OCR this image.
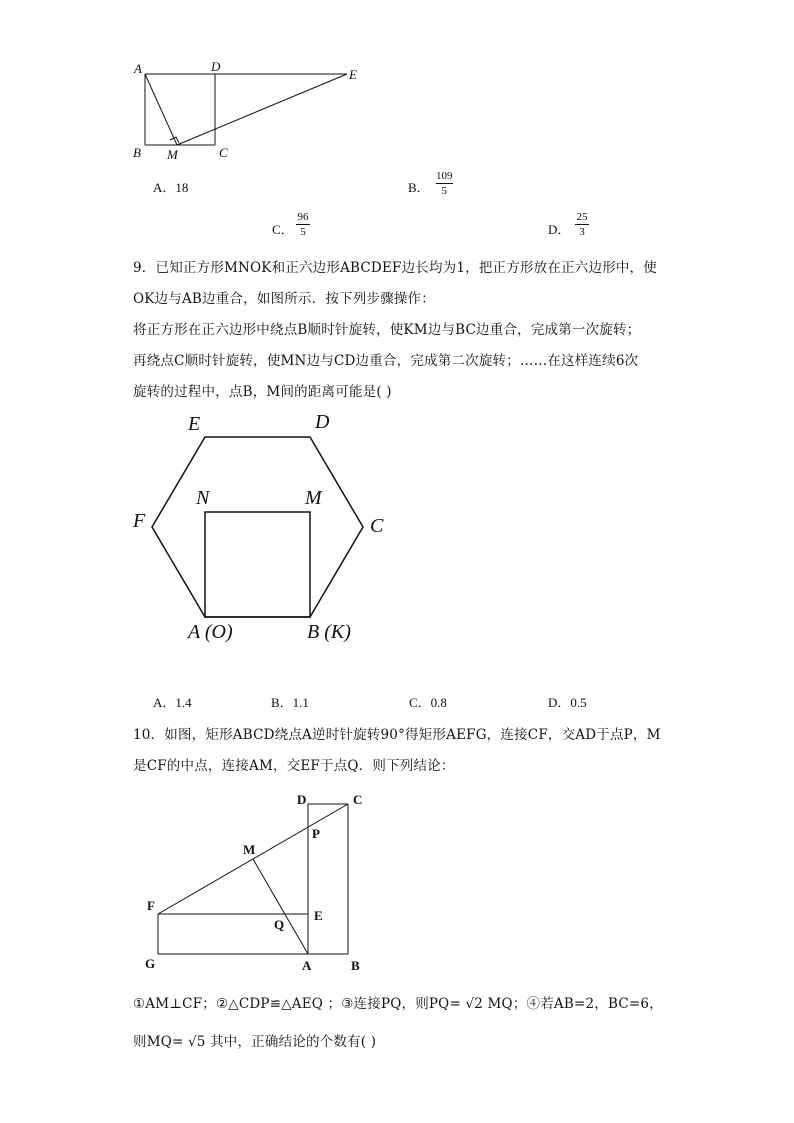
A	D
E
B M	C
A．18	B．
109
5
C．
96
5	D．
25
3
9．已知正方形MNOK和正六边形ABCDEF边长均为1，把正方形放在正六边形中，使
OK边与AB边重合，如图所示．按下列步骤操作：
将正方形在正六边形中绕点B顺时针旋转，使KM边与BC边重合，完成第一次旋转；
再绕点C顺时针旋转，使MN边与CD边重合，完成第二次旋转；……在这样连续6次
旋转的过程中，点B，M间的距离可能是( )
E	D
F	C
N	M
A (O)	B (K)
A．1.4	B．1.1	C．0.8	D．0.5
10．如图，矩形ABCD绕点A逆时针旋转90°得矩形AEFG，连接CF，交AD于点P，M
是CF的中点，连接AM，交EF于点Q．则下列结论：
D	C
P
M
F
E
Q
G	A	B
①AM⊥CF；②△CDP≌△AEQ ；③连接PQ，则PQ= √2 MQ；④若AB=2，BC=6，
则MQ= √5 其中，正确结论的个数有( )
